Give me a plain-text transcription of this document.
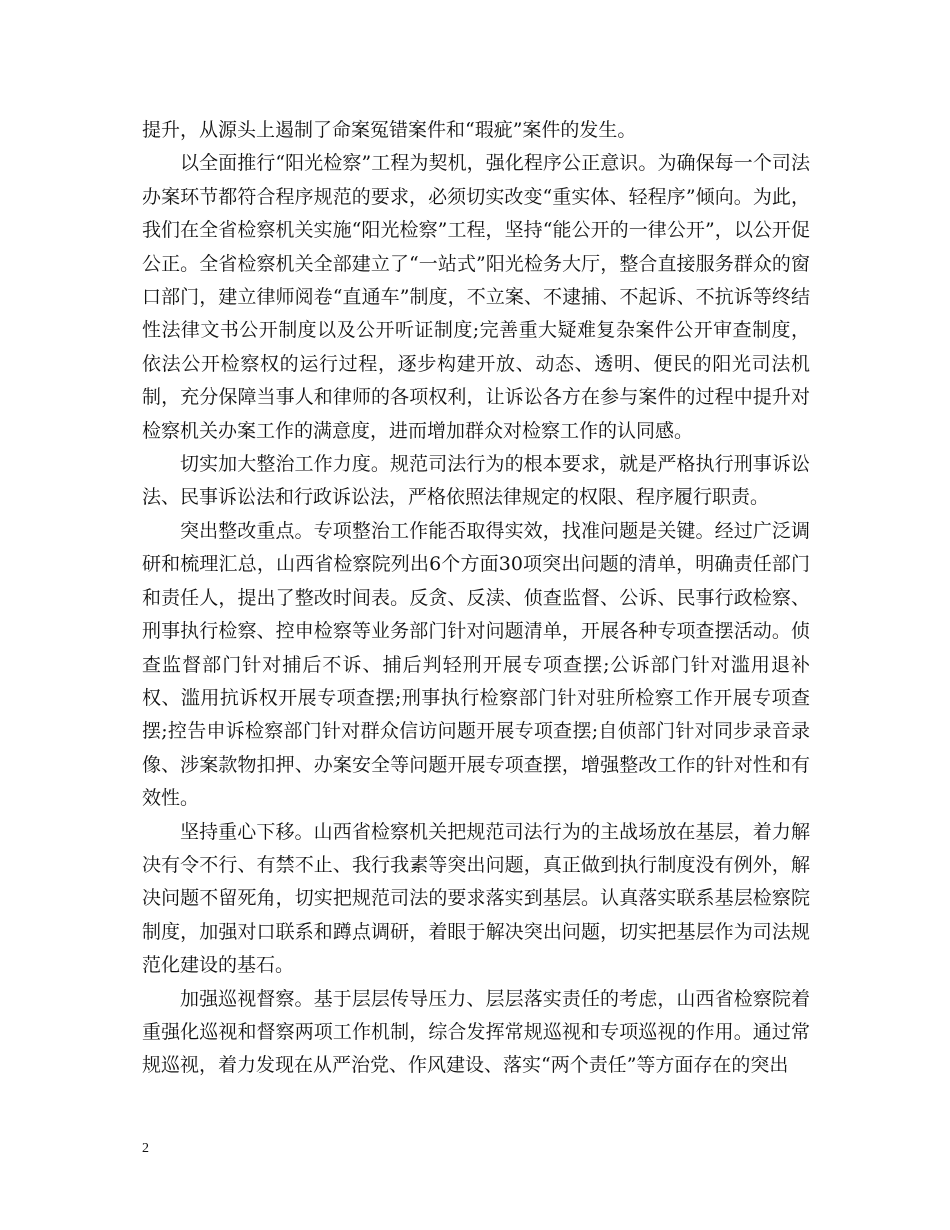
提升，从源头上遏制了命案冤错案件和“瑕疵”案件的发生。

以全面推行“阳光检察”工程为契机，强化程序公正意识。为确保每一个司法办案环节都符合程序规范的要求，必须切实改变“重实体、轻程序”倾向。为此，我们在全省检察机关实施“阳光检察”工程，坚持“能公开的一律公开”，以公开促公正。全省检察机关全部建立了“一站式”阳光检务大厅，整合直接服务群众的窗口部门，建立律师阅卷“直通车”制度，不立案、不逮捕、不起诉、不抗诉等终结性法律文书公开制度以及公开听证制度;完善重大疑难复杂案件公开审查制度，依法公开检察权的运行过程，逐步构建开放、动态、透明、便民的阳光司法机制，充分保障当事人和律师的各项权利，让诉讼各方在参与案件的过程中提升对检察机关办案工作的满意度，进而增加群众对检察工作的认同感。

切实加大整治工作力度。规范司法行为的根本要求，就是严格执行刑事诉讼法、民事诉讼法和行政诉讼法，严格依照法律规定的权限、程序履行职责。

突出整改重点。专项整治工作能否取得实效，找准问题是关键。经过广泛调研和梳理汇总，山西省检察院列出6个方面30项突出问题的清单，明确责任部门和责任人，提出了整改时间表。反贪、反渎、侦查监督、公诉、民事行政检察、刑事执行检察、控申检察等业务部门针对问题清单，开展各种专项查摆活动。侦查监督部门针对捕后不诉、捕后判轻刑开展专项查摆;公诉部门针对滥用退补权、滥用抗诉权开展专项查摆;刑事执行检察部门针对驻所检察工作开展专项查摆;控告申诉检察部门针对群众信访问题开展专项查摆;自侦部门针对同步录音录像、涉案款物扣押、办案安全等问题开展专项查摆，增强整改工作的针对性和有效性。

坚持重心下移。山西省检察机关把规范司法行为的主战场放在基层，着力解决有令不行、有禁不止、我行我素等突出问题，真正做到执行制度没有例外，解决问题不留死角，切实把规范司法的要求落实到基层。认真落实联系基层检察院制度，加强对口联系和蹲点调研，着眼于解决突出问题，切实把基层作为司法规范化建设的基石。

加强巡视督察。基于层层传导压力、层层落实责任的考虑，山西省检察院着重强化巡视和督察两项工作机制，综合发挥常规巡视和专项巡视的作用。通过常规巡视，着力发现在从严治党、作风建设、落实“两个责任”等方面存在的突出

2
